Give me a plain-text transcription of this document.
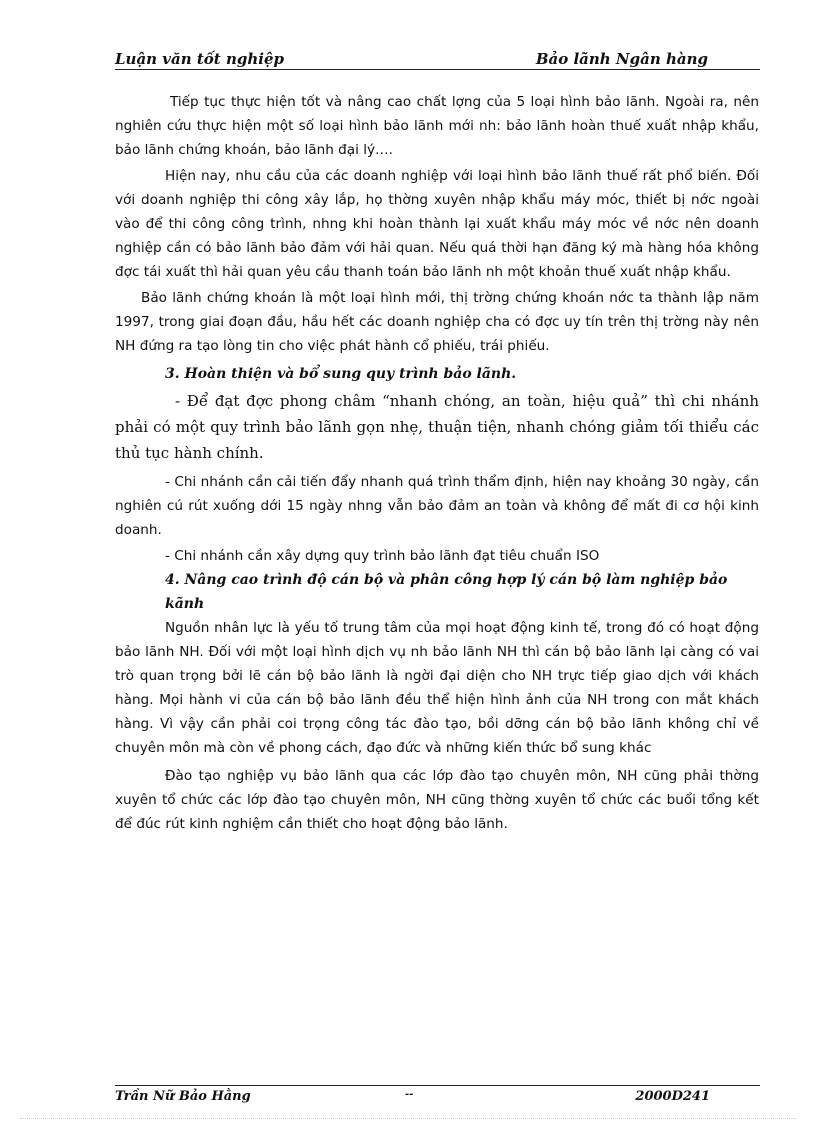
Luận văn tốt nghiệp	Bảo lãnh Ngân hàng

Tiếp tục thực hiện tốt và nâng cao chất lợng của 5 loại hình bảo lãnh. Ngoài ra, nên nghiên cứu thực hiện một số loại hình bảo lãnh mới nh: bảo lãnh hoàn thuế xuất nhập khẩu, bảo lãnh chứng khoán, bảo lãnh đại lý….

Hiện nay, nhu cầu của các doanh nghiệp với loại hình bảo lãnh thuế rất phổ biến. Đối với doanh nghiệp thi công xây lắp, họ thờng xuyên nhập khẩu máy móc, thiết bị nớc ngoài vào để thi công công trình, nhng khi hoàn thành lại xuất khẩu máy móc về nớc nên doanh nghiệp cần có bảo lãnh bảo đảm với hải quan. Nếu quá thời hạn đăng ký mà hàng hóa không đợc tái xuất thì hải quan yêu cầu thanh toán bảo lãnh nh một khoản thuế xuất nhập khẩu.

Bảo lãnh chứng khoán là một loại hình mới, thị trờng chứng khoán nớc ta thành lập năm 1997, trong giai đoạn đầu, hầu hết các doanh nghiệp cha có đợc uy tín trên thị trờng này nên NH đứng ra tạo lòng tin cho việc phát hành cổ phiếu, trái phiếu.

3. Hoàn thiện và bổ sung quy trình bảo lãnh.

- Để đạt đợc phong châm “nhanh chóng, an toàn, hiệu quả” thì chi nhánh phải có một quy trình bảo lãnh gọn nhẹ, thuận tiện, nhanh chóng giảm tối thiểu các thủ tục hành chính.

- Chi nhánh cần cải tiến đẩy nhanh quá trình thẩm định, hiện nay khoảng 30 ngày, cần nghiên cú rút xuống dới 15 ngày nhng vẫn bảo đảm an toàn và không để mất đi cơ hội kinh doanh.

- Chi nhánh cần xây dựng quy trình bảo lãnh đạt tiêu chuẩn ISO

4. Nâng cao trình độ cán bộ và phân công hợp lý cán bộ làm nghiệp bảo kãnh

Nguồn nhân lực là yếu tố trung tâm của mọi hoạt động kinh tế, trong đó có hoạt động bảo lãnh NH. Đối với một loại hình dịch vụ nh bảo lãnh NH thì cán bộ bảo lãnh lại càng có vai trò quan trọng bởi lẽ cán bộ bảo lãnh là ngời đại diện cho NH trực tiếp giao dịch với khách hàng. Mọi hành vi của cán bộ bảo lãnh đều thể hiện hình ảnh của NH trong con mắt khách hàng. Vì vậy cần phải coi trọng công tác đào tạo, bồi dỡng cán bộ bảo lãnh không chỉ về chuyên môn mà còn về phong cách, đạo đức và những kiến thức bổ sung khác

Đào tạo nghiệp vụ bảo lãnh qua các lớp đào tạo chuyên môn, NH cũng phải thờng xuyên tổ chức các lớp đào tạo chuyên môn, NH cũng thờng xuyên tổ chức các buổi tổng kết để đúc rút kinh nghiệm cần thiết cho hoạt động bảo lãnh.

Trần Nữ Bảo Hằng	--	2000D241
